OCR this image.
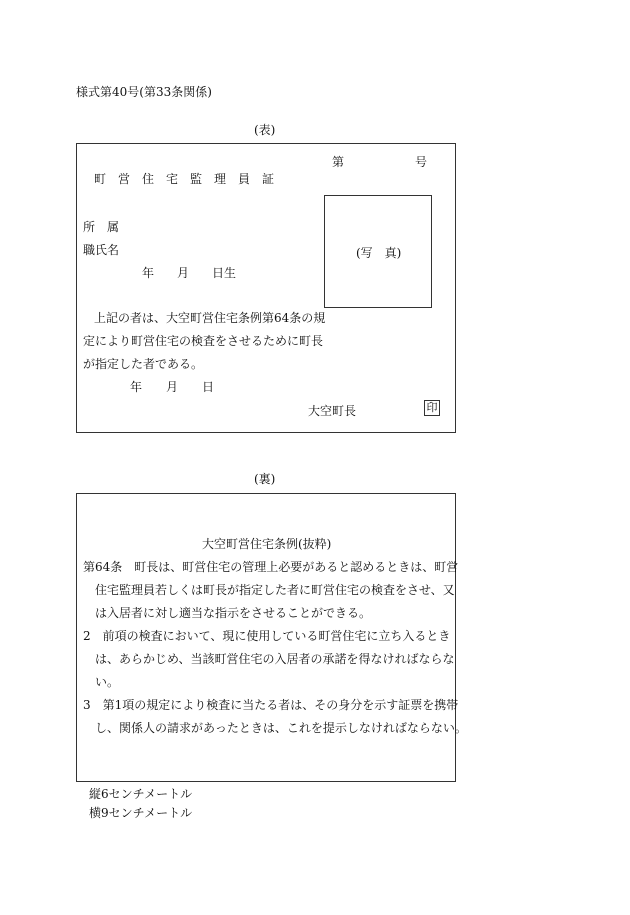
様式第40号(第33条関係)
(表)
第	号
町　営　住　宅　監　理　員　証
所　属
職氏名
年 月 日生
(写　真)
上記の者は、大空町営住宅条例第64条の規
定により町営住宅の検査をさせるために町長
が指定した者である。
年 月 日
大空町長	印
(裏)
大空町営住宅条例(抜粋)
第64条　町長は、町営住宅の管理上必要があると認めるときは、町営
住宅監理員若しくは町長が指定した者に町営住宅の検査をさせ、又
は入居者に対し適当な指示をさせることができる。
2　前項の検査において、現に使用している町営住宅に立ち入るとき
は、あらかじめ、当該町営住宅の入居者の承諾を得なければならな
い。
3　第1項の規定により検査に当たる者は、その身分を示す証票を携帯
し、関係人の請求があったときは、これを提示しなければならない。
縦6センチメートル
横9センチメートル
